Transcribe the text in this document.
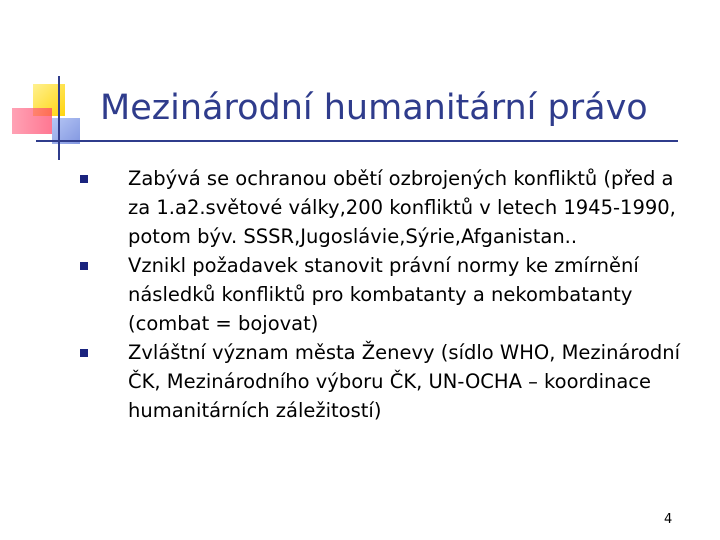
Mezinárodní humanitární právo
Zabývá se ochranou obětí ozbrojených konfliktů (před a za 1.a2.světové války,200 konfliktů v letech 1945-1990, potom býv. SSSR,Jugoslávie,Sýrie,Afganistan..
Vznikl požadavek stanovit právní normy ke zmírnění následků konfliktů pro kombatanty a nekombatanty (combat = bojovat)
Zvláštní význam města Ženevy (sídlo WHO, Mezinárodní ČK, Mezinárodního výboru ČK, UN-OCHA – koordinace humanitárních záležitostí)
4
